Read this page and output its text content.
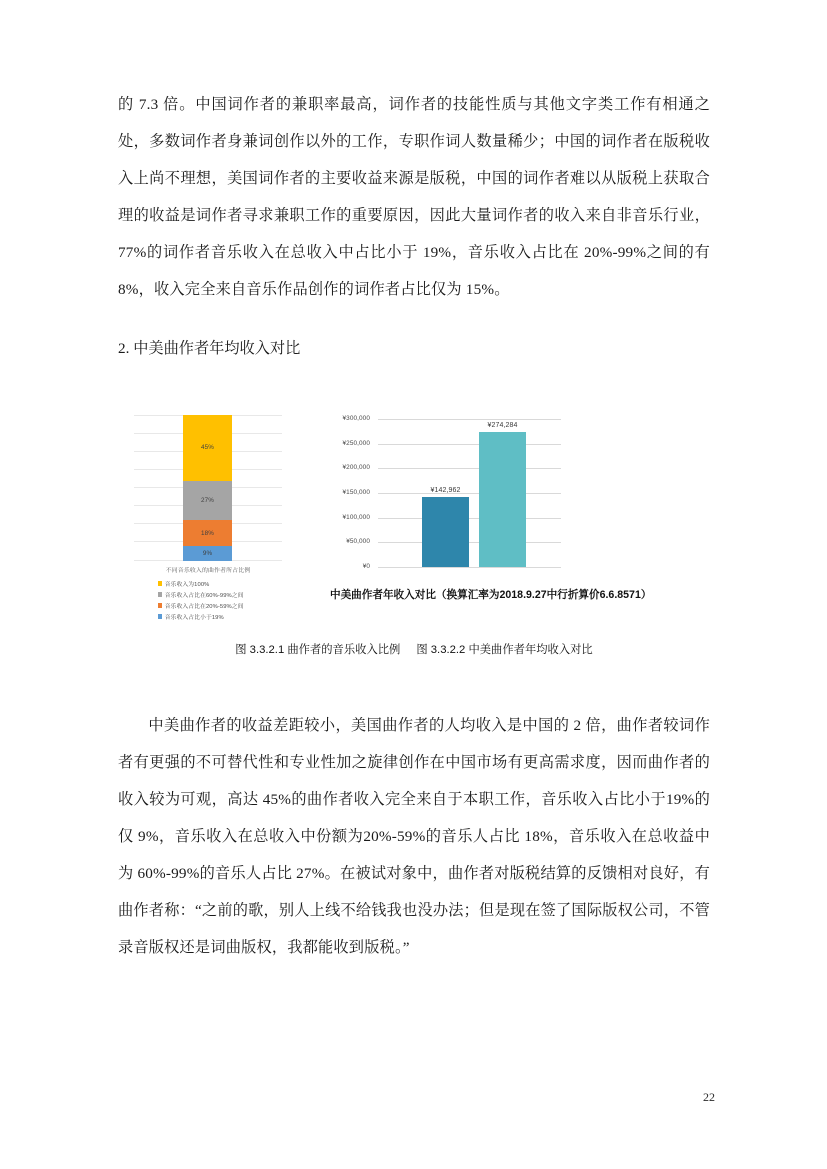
的 7.3 倍。中国词作者的兼职率最高，词作者的技能性质与其他文字类工作有相通之处，多数词作者身兼词创作以外的工作，专职作词人数量稀少；中国的词作者在版税收入上尚不理想，美国词作者的主要收益来源是版税，中国的词作者难以从版税上获取合理的收益是词作者寻求兼职工作的重要原因，因此大量词作者的收入来自非音乐行业，77%的词作者音乐收入在总收入中占比小于 19%，音乐收入占比在 20%-99%之间的有 8%，收入完全来自音乐作品创作的词作者占比仅为 15%。

2. 中美曲作者年均收入对比

45%
27%
18%
9%
不同音乐收入的曲作者所占比例
音乐收入为100%
音乐收入占比在60%-99%之间
音乐收入占比在20%-59%之间
音乐收入占比小于19%
¥300,000
¥250,000
¥200,000
¥150,000
¥100,000
¥50,000
¥0
¥142,962
¥274,284
中美曲作者年收入对比（换算汇率为2018.9.27中行折算价6.6.8571）
图 3.3.2.1 曲作者的音乐收入比例 图 3.3.2.2 中美曲作者年均收入对比

中美曲作者的收益差距较小，美国曲作者的人均收入是中国的 2 倍，曲作者较词作者有更强的不可替代性和专业性加之旋律创作在中国市场有更高需求度，因而曲作者的收入较为可观，高达 45%的曲作者收入完全来自于本职工作，音乐收入占比小于19%的仅 9%，音乐收入在总收入中份额为20%-59%的音乐人占比 18%，音乐收入在总收益中为 60%-99%的音乐人占比 27%。在被试对象中，曲作者对版税结算的反馈相对良好，有曲作者称：“之前的歌，别人上线不给钱我也没办法；但是现在签了国际版权公司，不管录音版权还是词曲版权，我都能收到版税。”

22
